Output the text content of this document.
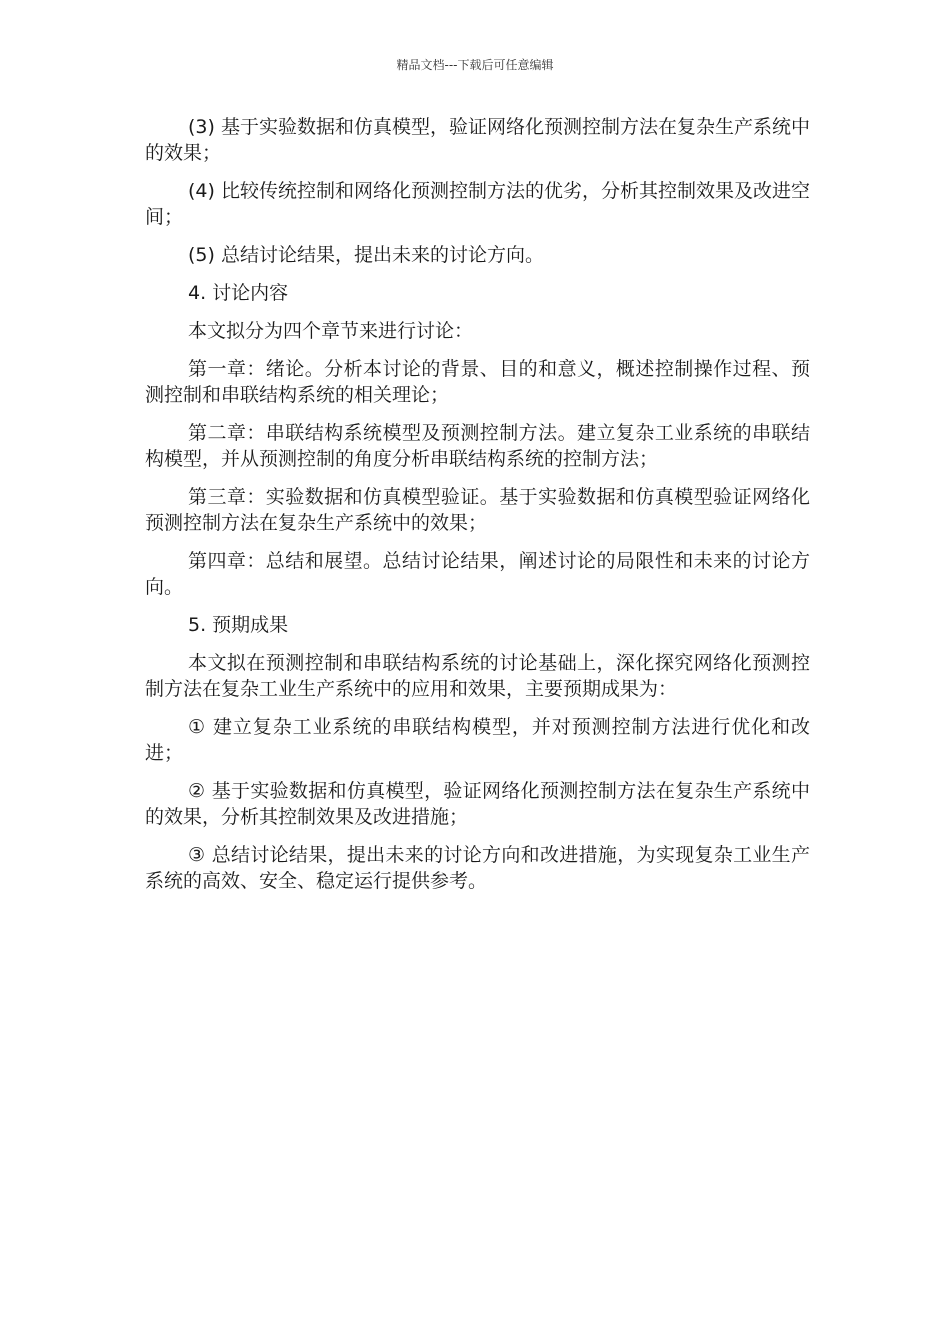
精品文档---下载后可任意编辑

(3) 基于实验数据和仿真模型，验证网络化预测控制方法在复杂生产系统中的效果；

(4) 比较传统控制和网络化预测控制方法的优劣，分析其控制效果及改进空间；

(5) 总结讨论结果，提出未来的讨论方向。

4. 讨论内容

本文拟分为四个章节来进行讨论：

第一章：绪论。分析本讨论的背景、目的和意义，概述控制操作过程、预测控制和串联结构系统的相关理论；

第二章：串联结构系统模型及预测控制方法。建立复杂工业系统的串联结构模型，并从预测控制的角度分析串联结构系统的控制方法；

第三章：实验数据和仿真模型验证。基于实验数据和仿真模型验证网络化预测控制方法在复杂生产系统中的效果；

第四章：总结和展望。总结讨论结果，阐述讨论的局限性和未来的讨论方向。

5. 预期成果

本文拟在预测控制和串联结构系统的讨论基础上，深化探究网络化预测控制方法在复杂工业生产系统中的应用和效果，主要预期成果为：

① 建立复杂工业系统的串联结构模型，并对预测控制方法进行优化和改进；

② 基于实验数据和仿真模型，验证网络化预测控制方法在复杂生产系统中的效果，分析其控制效果及改进措施；

③ 总结讨论结果，提出未来的讨论方向和改进措施，为实现复杂工业生产系统的高效、安全、稳定运行提供参考。
